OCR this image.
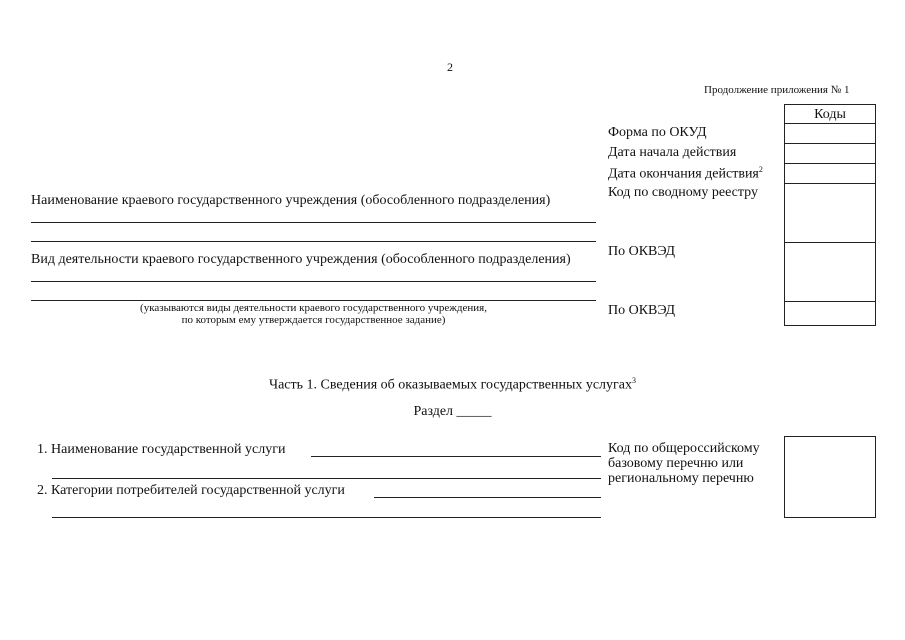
2
Продолжение приложения № 1
Коды
Форма по ОКУД
Дата начала действия
Дата окончания действия$^2$
Код по сводному реестру
По ОКВЭД
По ОКВЭД
Наименование краевого государственного учреждения (обособленного подразделения)
Вид деятельности краевого государственного учреждения (обособленного подразделения)
(указываются виды деятельности краевого государственного учреждения,
по которым ему утверждается государственное задание)
Часть 1. Сведения об оказываемых государственных услугах$^3$
Раздел _____
1. Наименование государственной услуги
2. Категории потребителей государственной услуги
Код по общероссийскому
базовому перечню или
региональному перечню
